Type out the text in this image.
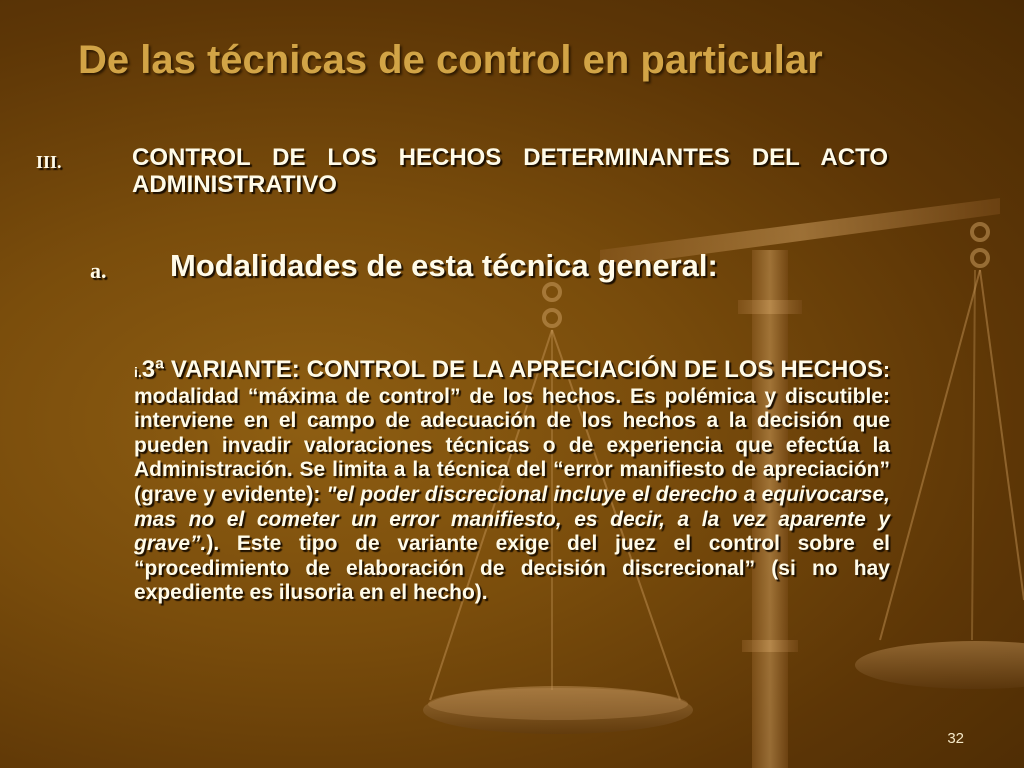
De las técnicas de control en particular
III.	CONTROL DE LOS HECHOS DETERMINANTES DEL ACTO ADMINISTRATIVO

a. Modalidades de esta técnica general:

i.3ª VARIANTE: CONTROL DE LA APRECIACIÓN DE LOS HECHOS: modalidad “máxima de control” de los hechos. Es polémica y discutible: interviene en el campo de adecuación de los hechos a la decisión que pueden invadir valoraciones técnicas o de experiencia que efectúa la Administración. Se limita a la técnica del “error manifiesto de apreciación” (grave y evidente): "el poder discrecional incluye el derecho a equivocarse, mas no el cometer un error manifiesto, es decir, a la vez aparente y grave”.). Este tipo de variante exige del juez el control sobre el “procedimiento de elaboración de decisión discrecional” (si no hay expediente es ilusoria en el hecho).

32
